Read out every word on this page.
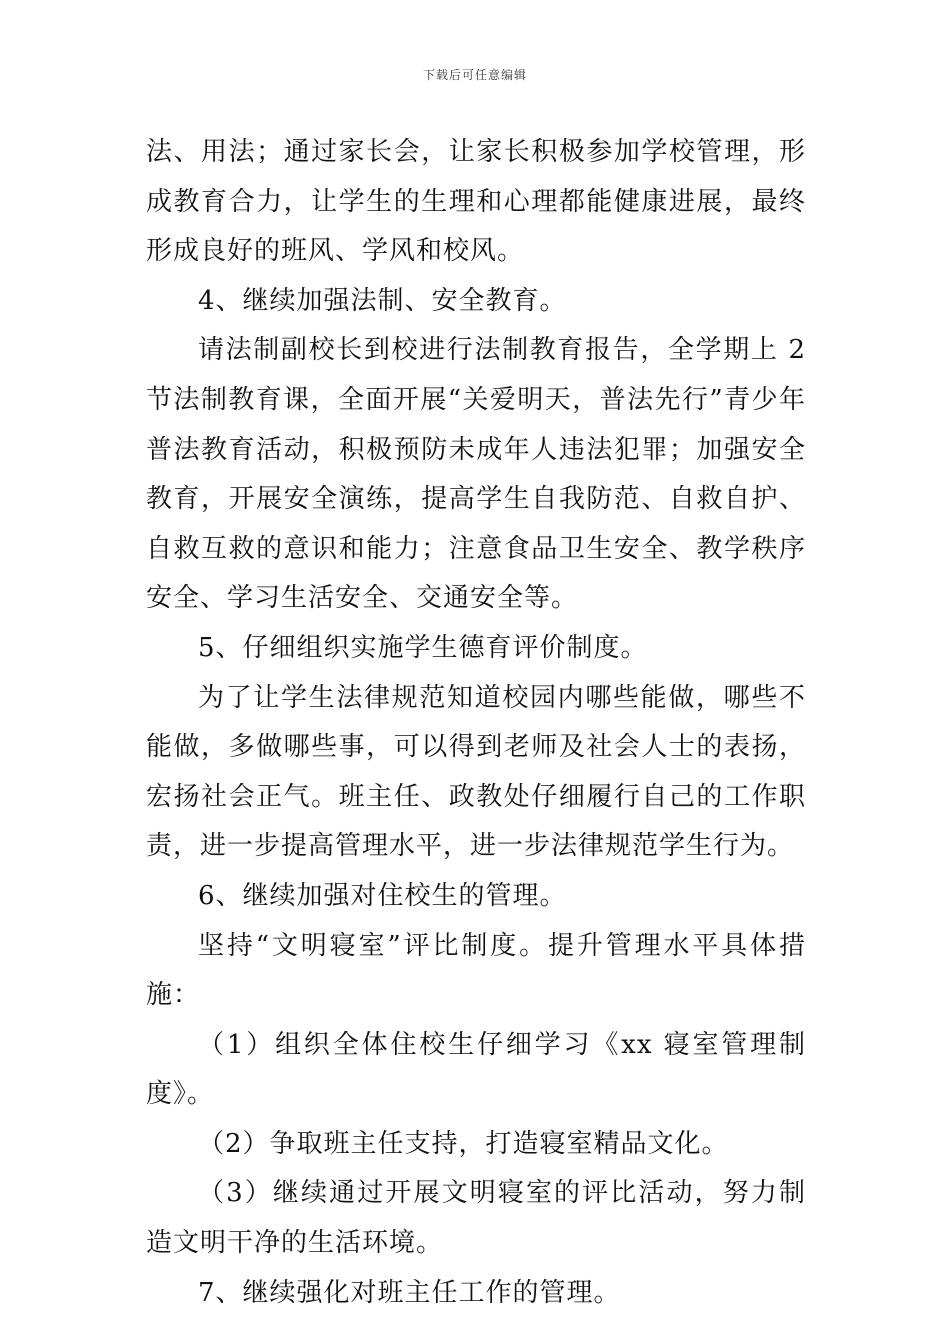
下载后可任意编辑

法、用法；通过家长会，让家长积极参加学校管理，形成教育合力，让学生的生理和心理都能健康进展，最终形成良好的班风、学风和校风。

4、继续加强法制、安全教育。

请法制副校长到校进行法制教育报告，全学期上 2 节法制教育课，全面开展“关爱明天，普法先行”青少年普法教育活动，积极预防未成年人违法犯罪；加强安全教育，开展安全演练，提高学生自我防范、自救自护、自救互救的意识和能力；注意食品卫生安全、教学秩序安全、学习生活安全、交通安全等。

5、仔细组织实施学生德育评价制度。

为了让学生法律规范知道校园内哪些能做，哪些不能做，多做哪些事，可以得到老师及社会人士的表扬，宏扬社会正气。班主任、政教处仔细履行自己的工作职责，进一步提高管理水平，进一步法律规范学生行为。

6、继续加强对住校生的管理。

坚持“文明寝室”评比制度。提升管理水平具体措施：

（1）组织全体住校生仔细学习《xx 寝室管理制度》。

（2）争取班主任支持，打造寝室精品文化。

（3）继续通过开展文明寝室的评比活动，努力制造文明干净的生活环境。

7、继续强化对班主任工作的管理。
